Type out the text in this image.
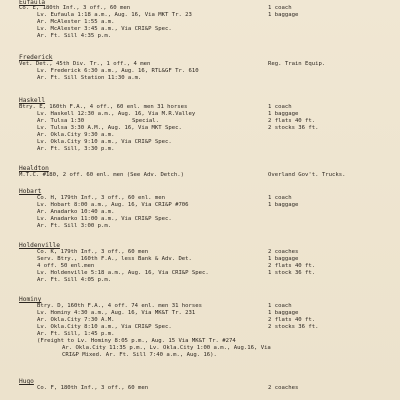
Eufaula
Co. E, 180th Inf., 3 off., 60 men	1 coach
Lv. Eufaula 1:18 a.m., Aug. 16, Via MKT Tr. 23	1 baggage
Ar. McAlester 1:55 a.m.
Lv. McAlester 3:45 a.m., Via CRI&P Spec.
Ar. Ft. Sill 4:35 p.m.
Frederick
Vet. Det., 45th Div. Tr., 1 off., 4 men	Reg. Train Equip.
Lv. Frederick 6:30 a.m., Aug. 16, RTL&GF Tr. 610
Ar. Ft. Sill Station 11:30 a.m.
Haskell
Btry. E, 160th F.A., 4 off., 60 enl. men 31 horses	1 coach
Lv. Haskell 12:30 a.m., Aug. 16, Via M.R.Valley	1 baggage
Ar. Tulsa 1:30	Special.	2 flats 40 ft.
Lv. Tulsa 3:30 A.M., Aug. 16, Via MKT Spec.	2 stocks 36 ft.
Ar. Okla.City 9:30 a.m.
Lv. Okla.City 9:10 a.m., Via CRI&P Spec.
Ar. Ft. Sill, 3:30 p.m.
Healdton
M.T.C. #180, 2 off. 60 enl. men (See Adv. Detch.)	Overland Gov't. Trucks.
Hobart
Co. H, 179th Inf., 3 off., 60 enl. men	1 coach
Lv. Hobart 8:00 a.m., Aug. 16, Via CRI&P #706	1 baggage
Ar. Anadarko 10:40 a.m.
Lv. Anadarko 11:00 a.m., Via CRI&P Spec.
Ar. Ft. Sill 3:00 p.m.
Holdenville
Co. K, 179th Inf., 3 off., 60 men	2 coaches
Serv. Btry., 160th F.A., less Bank & Adv. Det.	1 baggage
4 off. 50 enl.men	2 flats 40 ft.
Lv. Holdenville 5:18 a.m., Aug. 16, Via CRI&P Spec.	1 stock 36 ft.
Ar. Ft. Sill 4:05 p.m.
Hominy
Btry. D, 160th F.A., 4 off. 74 enl. men 31 horses	1 coach
Lv. Hominy 4:30 a.m., Aug. 16, Via MK&T Tr. 231	1 baggage
Ar. Okla.City 7:30 A.M.	2 flats 40 ft.
Lv. Okla.City 8:10 a.m., Via CRI&P Spec.	2 stocks 36 ft.
Ar. Ft. Sill, 1:45 p.m.
(Freight to Lv. Hominy 8:05 p.m., Aug. 15 Via MK&T Tr. #274
Ar. Okla.City 11:35 p.m., Lv. Okla.City 1:00 a.m., Aug.16, Via
CRI&P Mixed. Ar. Ft. Sill 7:40 a.m., Aug. 16).
Hugo
Co. F, 180th Inf., 3 off., 60 men	2 coaches
